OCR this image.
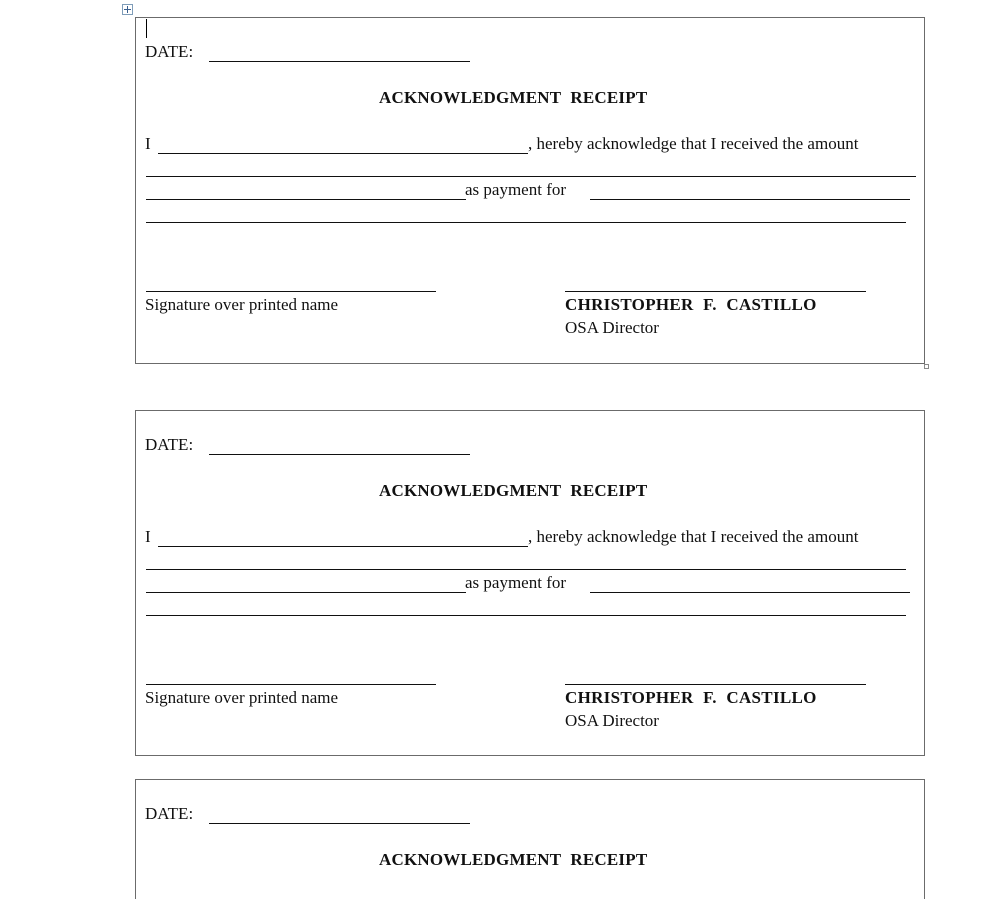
DATE:
ACKNOWLEDGMENT RECEIPT
I	, hereby acknowledge that I received the amount
as payment for
Signature over printed name	CHRISTOPHER F. CASTILLO
OSA Director
DATE:
ACKNOWLEDGMENT RECEIPT
I	, hereby acknowledge that I received the amount
as payment for
Signature over printed name	CHRISTOPHER F. CASTILLO
OSA Director
DATE:
ACKNOWLEDGMENT RECEIPT
